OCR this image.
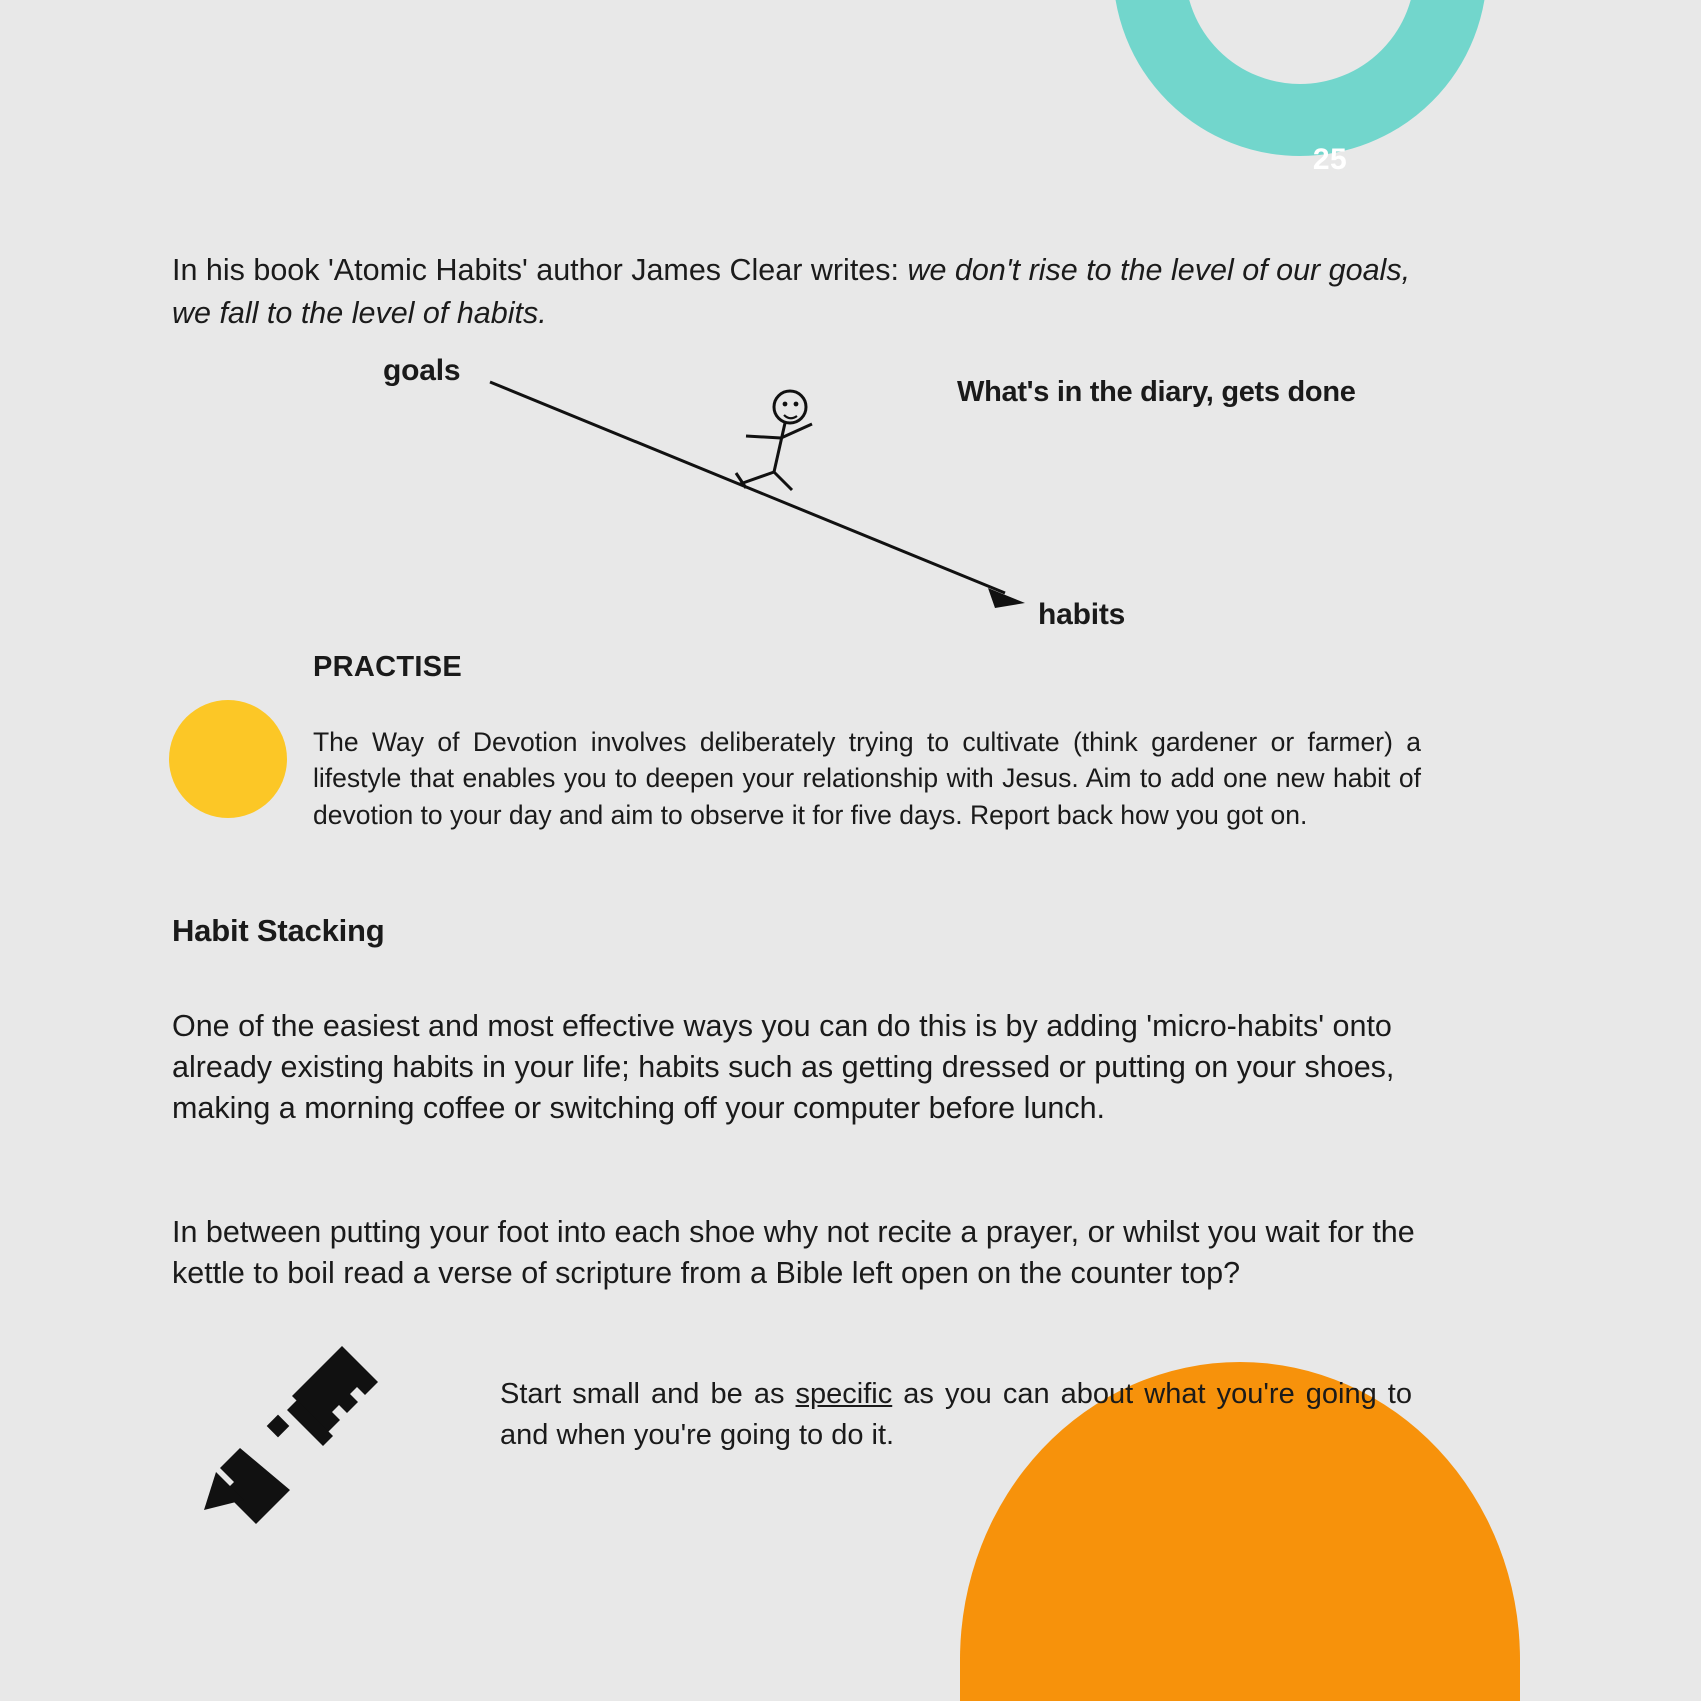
25

In his book 'Atomic Habits' author James Clear writes: we don't rise to the level of our goals, we fall to the level of habits.

goals
habits
What's in the diary, gets done
PRACTISE

The Way of Devotion involves deliberately trying to cultivate (think gardener or farmer) a lifestyle that enables you to deepen your relationship with Jesus. Aim to add one new habit of devotion to your day and aim to observe it for five days. Report back how you got on.

Habit Stacking

One of the easiest and most effective ways you can do this is by adding 'micro-habits' onto already existing habits in your life; habits such as getting dressed or putting on your shoes, making a morning coffee or switching off your computer before lunch.

In between putting your foot into each shoe why not recite a prayer, or whilst you wait for the kettle to boil read a verse of scripture from a Bible left open on the counter top?

Start small and be as specific as you can about what you're going to and when you're going to do it.
